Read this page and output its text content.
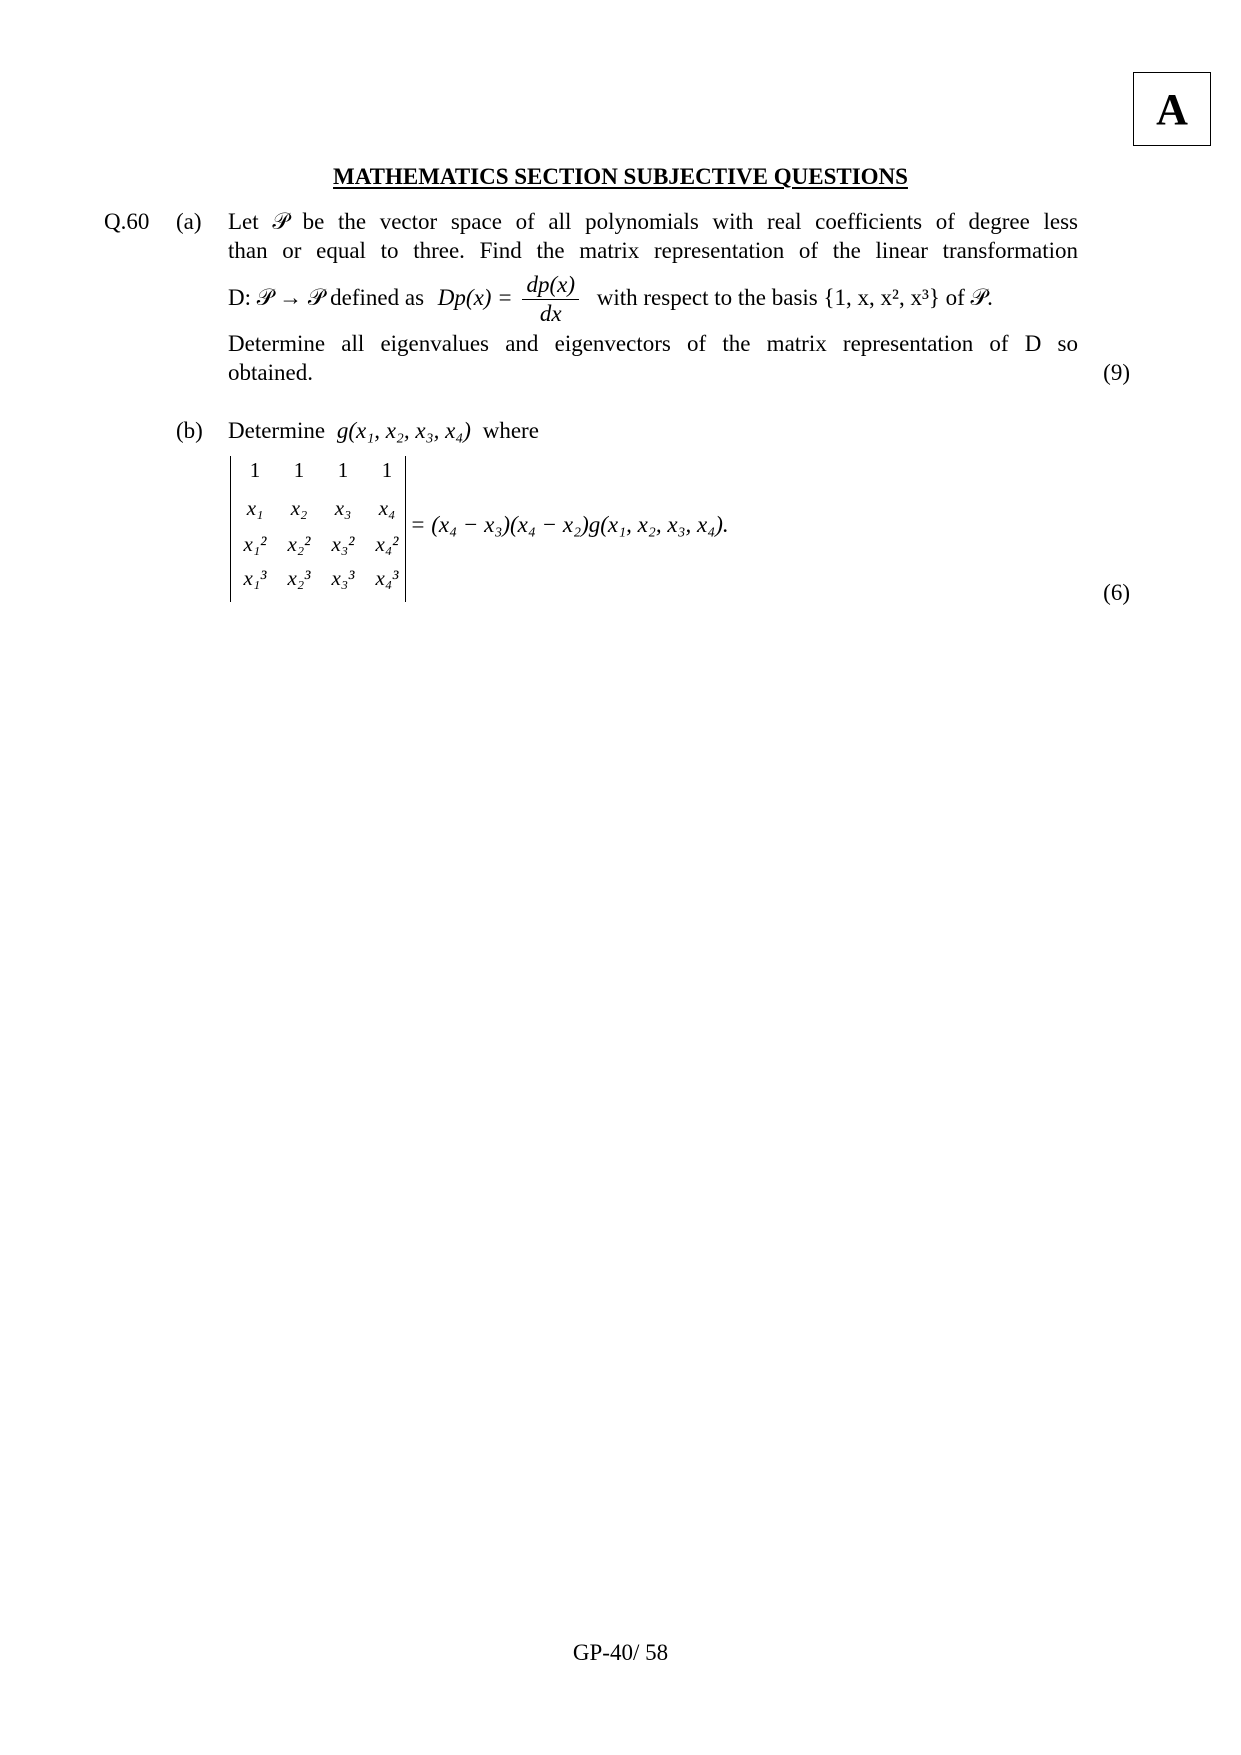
A
MATHEMATICS SECTION SUBJECTIVE QUESTIONS
Q.60 (a) Let 𝒫 be the vector space of all polynomials with real coefficients of degree less
than or equal to three. Find the matrix representation of the linear transformation
D: 𝒫 → 𝒫 defined as $Dp(x) = \frac{dp(x)}{dx}$ with respect to the basis {1, x, x², x³} of 𝒫.
Determine all eigenvalues and eigenvectors of the matrix representation of D so
obtained.	(9)
(b) Determine g(x₁, x₂, x₃, x₄) where
1	1	1	1
x₁	x₂	x₃	x₄
x₁²	x₂²	x₃²	x₄²
x₁³	x₂³	x₃³	x₄³
= (x₄ − x₃)(x₄ − x₂)g(x₁, x₂, x₃, x₄).
(6)
GP-40/ 58
